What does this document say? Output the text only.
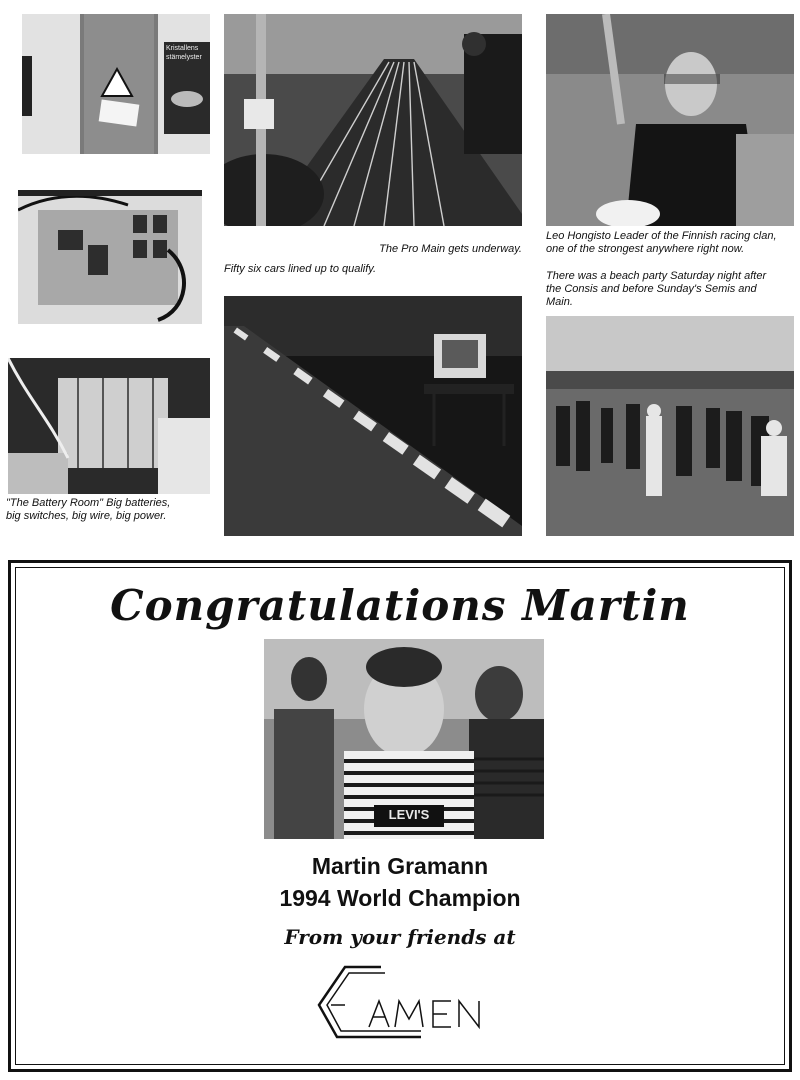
Kristallens stämelyster
The Pro Main gets underway.
Fifty six cars lined up to qualify.
Leo Hongisto Leader of the Finnish racing clan,
one of the strongest anywhere right now.
There was a beach party Saturday night after
the Consis and before Sunday's Semis and
Main.
"The Battery Room" Big batteries,
big switches, big wire, big power.
Congratulations Martin
LEVI'S
Martin Gramann
1994 World Champion
From your friends at
